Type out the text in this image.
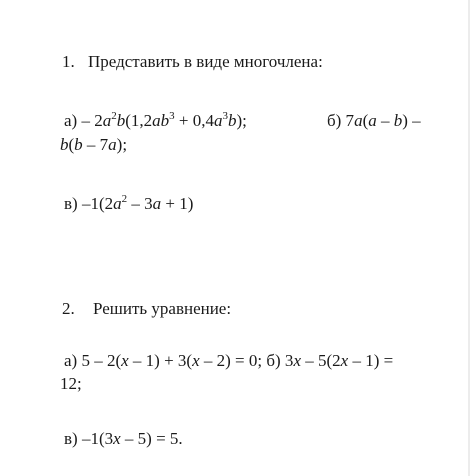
1. Представить в виде многочлена:
$а) - 2a^2b(1,2ab^3 + 0,4a^3b)$;	б) 7a(a – b) –
b(b – 7a);
в) $-1(2a^2 - 3a + 1)$
2. Решить уравнение:
а) 5 – 2(x – 1) + 3(x – 2) = 0; б) 3x – 5(2x – 1) =
12;
в) –1(3x – 5) = 5.
